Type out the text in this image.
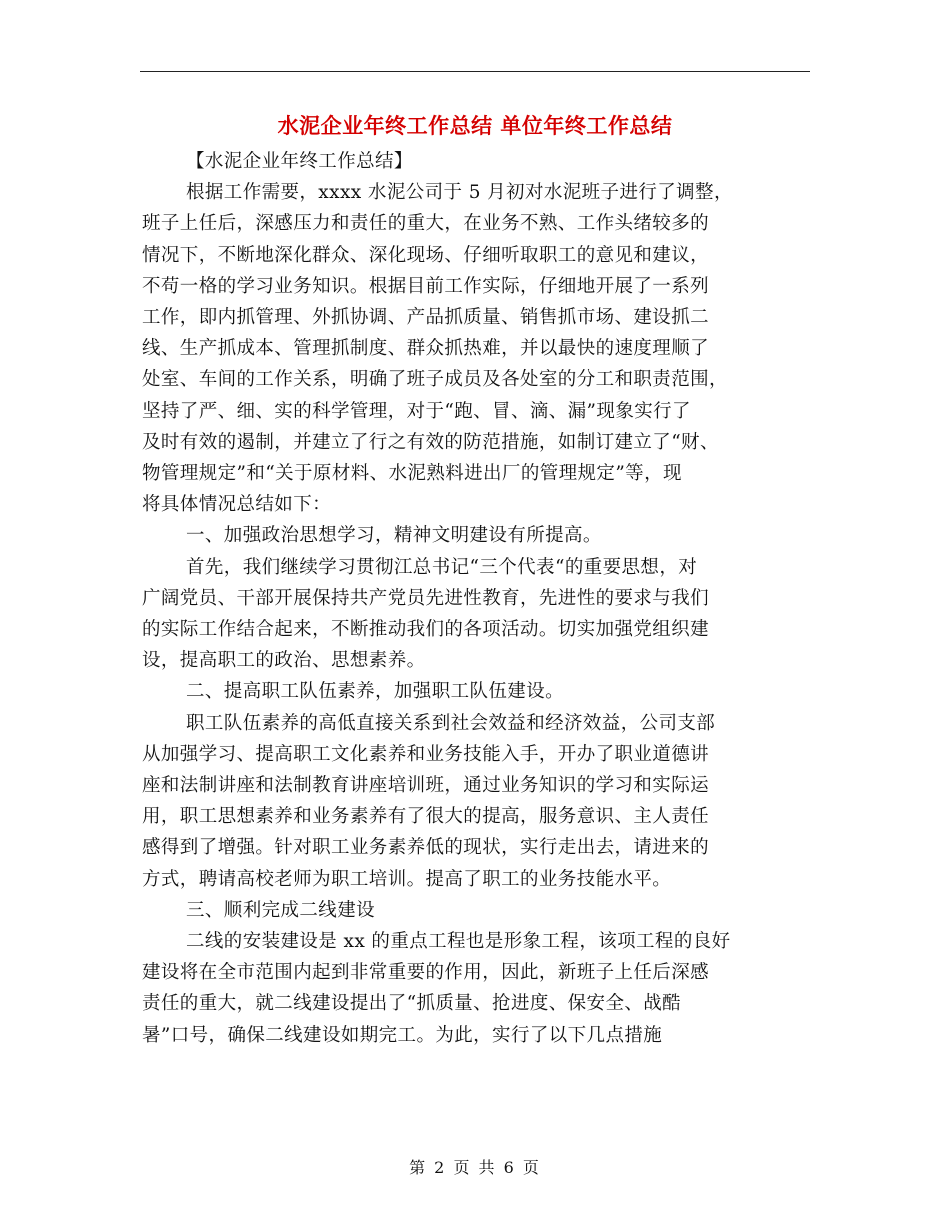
水泥企业年终工作总结 单位年终工作总结

【水泥企业年终工作总结】

根据工作需要，xxxx 水泥公司于 5 月初对水泥班子进行了调整，

班子上任后，深感压力和责任的重大，在业务不熟、工作头绪较多的

情况下，不断地深化群众、深化现场、仔细听取职工的意见和建议，

不苟一格的学习业务知识。根据目前工作实际，仔细地开展了一系列

工作，即内抓管理、外抓协调、产品抓质量、销售抓市场、建设抓二

线、生产抓成本、管理抓制度、群众抓热难，并以最快的速度理顺了

处室、车间的工作关系，明确了班子成员及各处室的分工和职责范围，

坚持了严、细、实的科学管理，对于“跑、冒、滴、漏”现象实行了

及时有效的遏制，并建立了行之有效的防范措施，如制订建立了“财、

物管理规定”和“关于原材料、水泥熟料进出厂的管理规定”等，现

将具体情况总结如下：

一、加强政治思想学习，精神文明建设有所提高。

首先，我们继续学习贯彻江总书记“三个代表“的重要思想，对

广阔党员、干部开展保持共产党员先进性教育，先进性的要求与我们

的实际工作结合起来，不断推动我们的各项活动。切实加强党组织建

设，提高职工的政治、思想素养。

二、提高职工队伍素养，加强职工队伍建设。

职工队伍素养的高低直接关系到社会效益和经济效益，公司支部

从加强学习、提高职工文化素养和业务技能入手，开办了职业道德讲

座和法制讲座和法制教育讲座培训班，通过业务知识的学习和实际运

用，职工思想素养和业务素养有了很大的提高，服务意识、主人责任

感得到了增强。针对职工业务素养低的现状，实行走出去，请进来的

方式，聘请高校老师为职工培训。提高了职工的业务技能水平。

三、顺利完成二线建设

二线的安装建设是 xx 的重点工程也是形象工程，该项工程的良好

建设将在全市范围内起到非常重要的作用，因此，新班子上任后深感

责任的重大，就二线建设提出了“抓质量、抢进度、保安全、战酷

暑”口号，确保二线建设如期完工。为此，实行了以下几点措施

第 2 页 共 6 页
